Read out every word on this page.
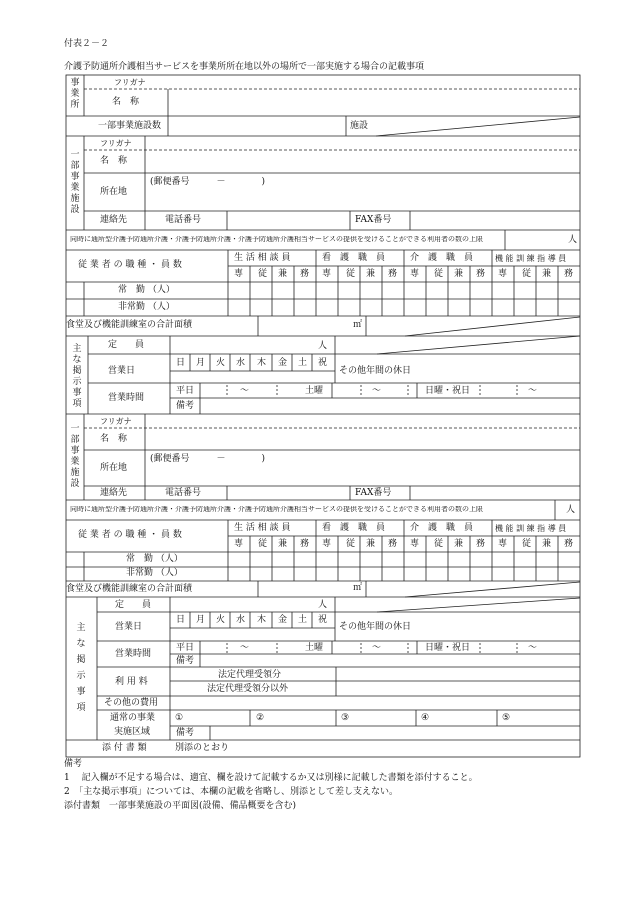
付表２－２
介護予防通所介護相当サービスを事業所所在地以外の場所で一部実施する場合の記載事項
事業所
フリガナ
名　称
一部事業施設数	施設
一部事業施設
フリガナ
名　称
所在地
(郵便番号　　　－　　　　)
連絡先	電話番号	FAX番号
同時に通所型介護予防通所介護・介護予防通所介護・介護予防通所介護相当サービスの提供を受けることができる利用者の数の上限	人
従 業 者 の 職 種 ・ 員 数
生 活 相 談 員	看　護　職　員	介　護　職　員	機 能 訓 練 指 導 員
専 従 兼 務 専 従 兼 務 専 従 兼 務 専 従 兼 務
常　勤 （人）
非常勤 （人）
食堂及び機能訓練室の合計面積	㎡
主な掲示事項
定　　員	人
営業日
日 月 火 水 木 金 土 祝
その他年間の休日
営業時間
平日	～	土曜	～	日曜・祝日	～
備考
一部事業施設
フリガナ
名　称
所在地
(郵便番号　　　－　　　　)
連絡先	電話番号	FAX番号
同時に通所型介護予防通所介護・介護予防通所介護・介護予防通所介護相当サービスの提供を受けることができる利用者の数の上限	人
従 業 者 の 職 種 ・ 員 数
生 活 相 談 員	看　護　職　員	介　護　職　員	機 能 訓 練 指 導 員
専 従 兼 務 専 従 兼 務 専 従 兼 務 専 従 兼 務
常　勤 （人）
非常勤 （人）
食堂及び機能訓練室の合計面積	㎡
主な掲示事項
定　　員	人
営業日
日 月 火 水 木 金 土 祝
その他年間の休日
営業時間
平日	～	土曜	～	日曜・祝日	～
備考
利 用 料
法定代理受領分
法定代理受領分以外
その他の費用
通常の事業
実施区域
①	②	③	④	⑤
備考
添 付 書 類	別添のとおり
備考
1　 記入欄が不足する場合は、適宜、欄を設けて記載するか又は別様に記載した書類を添付すること。
2　「主な掲示事項」については、本欄の記載を省略し、別添として差し支えない。
添付書類　一部事業施設の平面図(設備、備品概要を含む)
